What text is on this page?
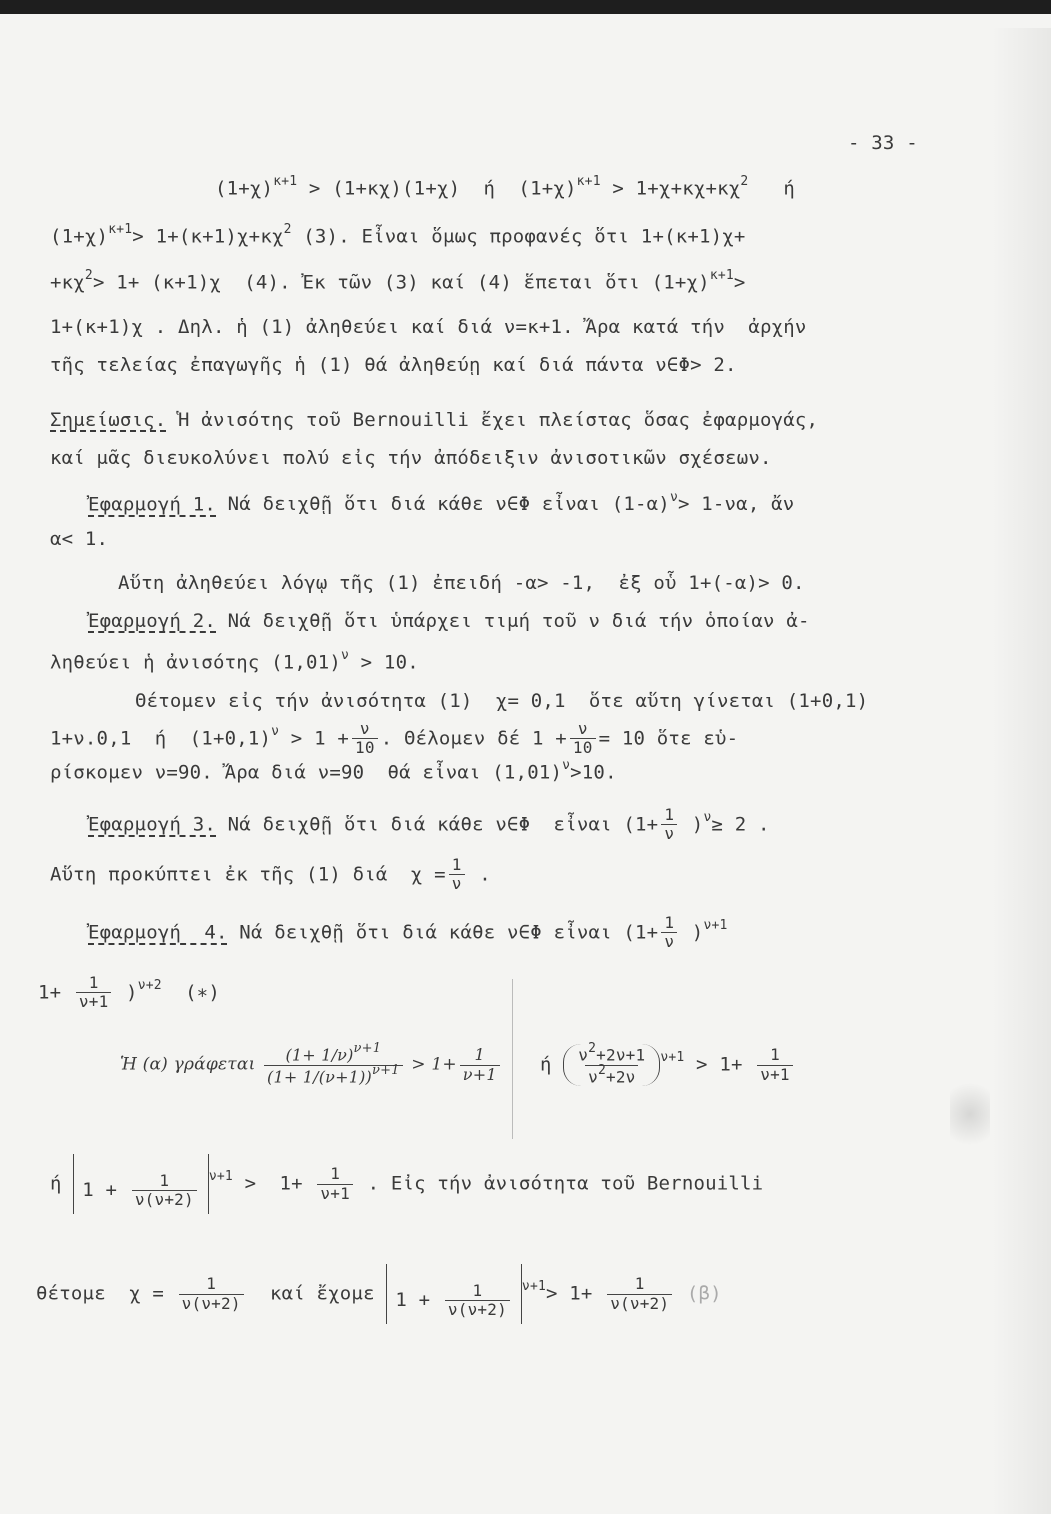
- 33 -
$(1+\chi)^{\kappa+1} > (1+\kappa\chi)(1+\chi)$  ή  $(1+\chi)^{\kappa+1} > 1+\chi+\kappa\chi+\kappa\chi^2$   ή
$(1+\chi)^{\kappa+1}> 1+(\kappa+1)\chi+\kappa\chi^2$ (3). Εἶναι ὅμως προφανές ὅτι 1+(κ+1)χ+
$+\kappa\chi^2> 1+ (\kappa+1)\chi$  (4). Ἐκ τῶν (3) καί (4) ἕπεται ὅτι $(1+\chi)^{\kappa+1}>$
1+(κ+1)χ . Δηλ. ἡ (1) ἀληθεύει καί διά ν=κ+1. Ἄρα κατά τήν  ἀρχήν
τῆς τελείας ἐπαγωγῆς ἡ (1) θά ἀληθεύῃ καί διά πάντα ν∈Φ> 2.
Σημείωσις. Ἡ ἀνισότης τοῦ Bernouilli ἔχει πλείστας ὅσας ἐφαρμογάς,
καί μᾶς διευκολύνει πολύ εἰς τήν ἀπόδειξιν ἀνισοτικῶν σχέσεων.
Ἐφαρμογή 1. Νά δειχθῇ ὅτι διά κάθε ν∈Φ εἶναι $(1-\alpha)^\nu> 1-\nu\alpha$, ἄν
α< 1.
Αὕτη ἀληθεύει λόγῳ τῆς (1) ἐπειδή -α> -1,  ἐξ οὗ 1+(-α)> 0.
Ἐφαρμογή 2. Νά δειχθῇ ὅτι ὑπάρχει τιμή τοῦ ν διά τήν ὁποίαν ἀ-
ληθεύει ἡ ἀνισότης $(1,01)^\nu > 10$.
Θέτομεν εἰς τήν ἀνισότητα (1)  χ= 0,1  ὅτε αὕτη γίνεται (1+0,1)
1+ν.0,1  ή  $(1+0,1)^\nu > 1 + \frac{\nu}{10}$ . Θέλομεν δέ $1 + \frac{\nu}{10} = 10$ ὅτε εὑ-
ρίσκομεν ν=90. Ἄρα διά ν=90  θά εἶναι $(1,01)^\nu>10$.
Ἐφαρμογή 3. Νά δειχθῇ ὅτι διά κάθε ν∈Φ  εἶναι $(1+ \frac{1}{\nu} )^\nu\ge 2$ .
Αὕτη προκύπτει ἐκ τῆς (1) διά  $\chi = \frac{1}{\nu}$ .
Ἐφαρμογή  4. Νά δειχθῇ ὅτι διά κάθε ν∈Φ εἶναι $(1+ \frac{1}{\nu} )^{\nu+1}$
$1+ \frac{1}{\nu+1} )^{\nu+2}$  (∗)
Ἡ (α) γράφεται $\frac{(1+ 1/\nu)^{\nu+1}}{(1+ 1/(\nu+1))^{\nu+1}} > 1+ \frac{1}{\nu+1}$ ή $\frac{\nu^2+2\nu+1}{\nu^2+2\nu} ^{\nu+1} > 1+ \frac{1}{\nu+1}$
ή $1 + \frac{1}{\nu(\nu+2)} ^{\nu+1} > 1+ \frac{1}{\nu+1}$ . Εἰς τήν ἀνισότητα τοῦ Bernouilli
θέτομε  $\chi = \frac{1}{\nu(\nu+2)}$ καί ἔχομε $1 + \frac{1}{\nu(\nu+2)} ^{\nu+1}> 1+ \frac{1}{\nu(\nu+2)} (\beta)$
